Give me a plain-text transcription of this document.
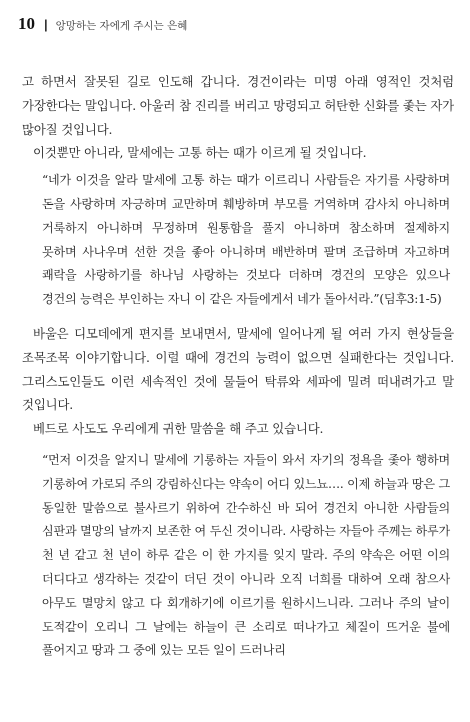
10 | 앙망하는 자에게 주시는 은혜

고 하면서 잘못된 길로 인도해 갑니다. 경건이라는 미명 아래 영적인 것처럼 가장한다는 말입니다. 아울러 참 진리를 버리고 망령되고 허탄한 신화를 좇는 자가 많아질 것입니다.

이것뿐만 아니라, 말세에는 고통 하는 때가 이르게 될 것입니다.

“네가 이것을 알라 말세에 고통 하는 때가 이르리니 사람들은 자기를 사랑하며 돈을 사랑하며 자긍하며 교만하며 훼방하며 부모를 거역하며 감사치 아니하며 거룩하지 아니하며 무정하며 원통함을 풀지 아니하며 참소하며 절제하지 못하며 사나우며 선한 것을 좋아 아니하며 배반하며 팔며 조급하며 자고하며 쾌락을 사랑하기를 하나님 사랑하는 것보다 더하며 경건의 모양은 있으나 경건의 능력은 부인하는 자니 이 같은 자들에게서 네가 돌아서라.”(딤후3:1-5)

바울은 디모데에게 편지를 보내면서, 말세에 일어나게 될 여러 가지 현상들을 조목조목 이야기합니다. 이럴 때에 경건의 능력이 없으면 실패한다는 것입니다. 그리스도인들도 이런 세속적인 것에 물들어 탁류와 세파에 밀려 떠내려가고 말 것입니다.

베드로 사도도 우리에게 귀한 말씀을 해 주고 있습니다.

“먼저 이것을 알지니 말세에 기롱하는 자들이 와서 자기의 정욕을 좇아 행하며 기롱하여 가로되 주의 강림하신다는 약속이 어디 있느뇨…. 이제 하늘과 땅은 그 동일한 말씀으로 불사르기 위하여 간수하신 바 되어 경건치 아니한 사람들의 심판과 멸망의 날까지 보존한 여 두신 것이니라. 사랑하는 자들아 주께는 하루가 천 년 같고 천 년이 하루 같은 이 한 가지를 잊지 말라. 주의 약속은 어떤 이의 더디다고 생각하는 것같이 더딘 것이 아니라 오직 너희를 대하여 오래 참으사 아무도 멸망치 않고 다 회개하기에 이르기를 원하시느니라. 그러나 주의 날이 도적같이 오리니 그 날에는 하늘이 큰 소리로 떠나가고 체질이 뜨거운 불에 풀어지고 땅과 그 중에 있는 모든 일이 드러나리
